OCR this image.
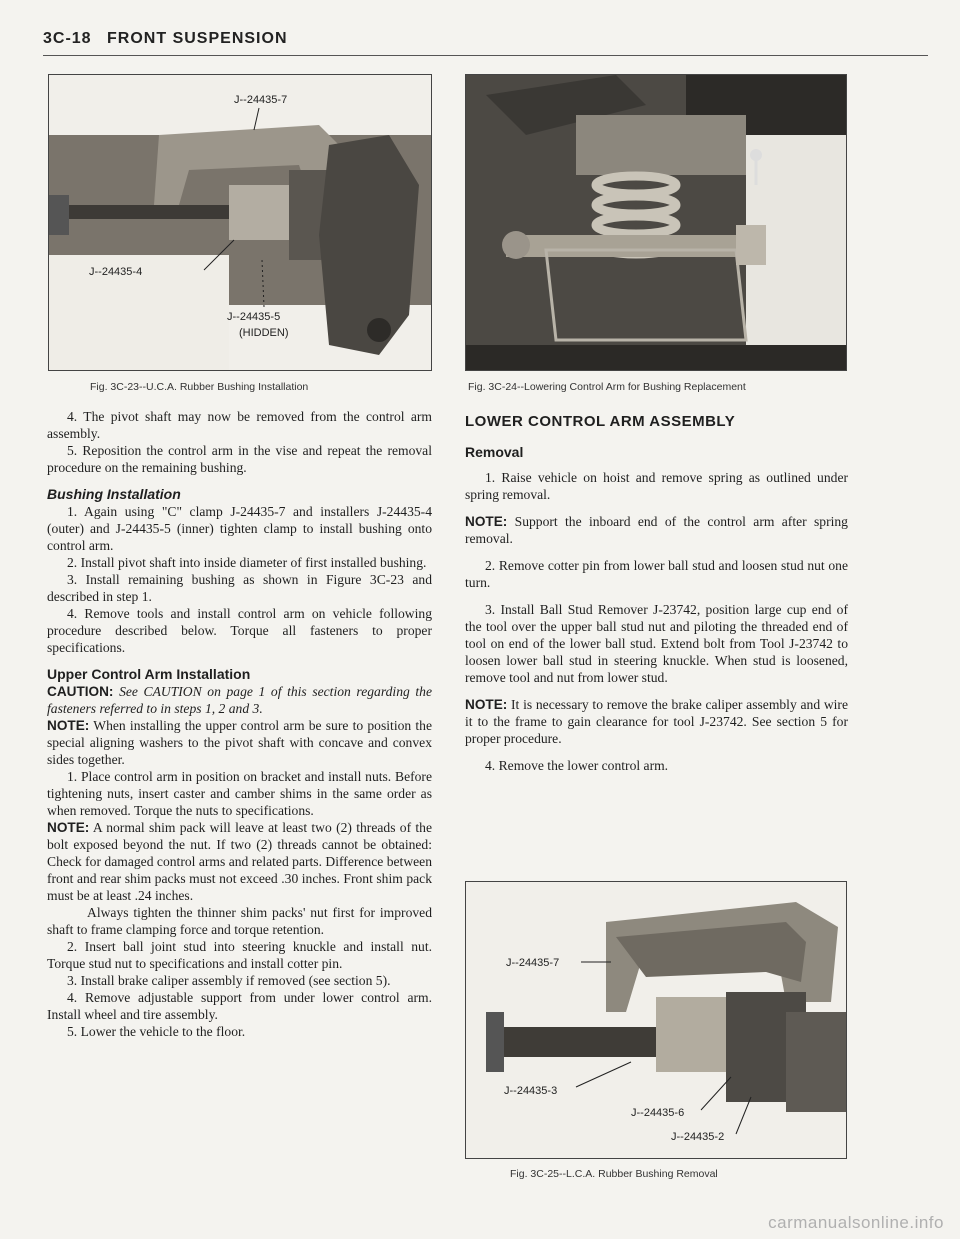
3C-18 FRONT SUSPENSION
J--24435-7
J--24435-4
J--24435-5
(HIDDEN)
Fig. 3C-23--U.C.A. Rubber Bushing Installation	Fig. 3C-24--Lowering Control Arm for Bushing Replacement
J--24435-7
J--24435-3
J--24435-6
J--24435-2
Fig. 3C-25--L.C.A. Rubber Bushing Removal

4. The pivot shaft may now be removed from the control arm assembly.

5. Reposition the control arm in the vise and repeat the removal procedure on the remaining bushing.

Bushing Installation

1. Again using "C" clamp J-24435-7 and installers J-24435-4 (outer) and J-24435-5 (inner) tighten clamp to install bushing onto control arm.

2. Install pivot shaft into inside diameter of first installed bushing.

3. Install remaining bushing as shown in Figure 3C-23 and described in step 1.

4. Remove tools and install control arm on vehicle following procedure described below. Torque all fasteners to proper specifications.

Upper Control Arm Installation

CAUTION: See CAUTION on page 1 of this section regarding the fasteners referred to in steps 1, 2 and 3.

NOTE: When installing the upper control arm be sure to position the special aligning washers to the pivot shaft with concave and convex sides together.

1. Place control arm in position on bracket and install nuts. Before tightening nuts, insert caster and camber shims in the same order as when removed. Torque the nuts to specifications.

NOTE: A normal shim pack will leave at least two (2) threads of the bolt exposed beyond the nut. If two (2) threads cannot be obtained: Check for damaged control arms and related parts. Difference between front and rear shim packs must not exceed .30 inches. Front shim pack must be at least .24 inches.

Always tighten the thinner shim packs' nut first for improved shaft to frame clamping force and torque retention.

2. Insert ball joint stud into steering knuckle and install nut. Torque stud nut to specifications and install cotter pin.

3. Install brake caliper assembly if removed (see section 5).

4. Remove adjustable support from under lower control arm. Install wheel and tire assembly.

5. Lower the vehicle to the floor.

LOWER CONTROL ARM ASSEMBLY

Removal

1. Raise vehicle on hoist and remove spring as outlined under spring removal.

NOTE: Support the inboard end of the control arm after spring removal.

2. Remove cotter pin from lower ball stud and loosen stud nut one turn.

3. Install Ball Stud Remover J-23742, position large cup end of the tool over the upper ball stud nut and piloting the threaded end of tool on end of the lower ball stud. Extend bolt from Tool J-23742 to loosen lower ball stud in steering knuckle. When stud is loosened, remove tool and nut from lower stud.

NOTE: It is necessary to remove the brake caliper assembly and wire it to the frame to gain clearance for tool J-23742. See section 5 for proper procedure.

4. Remove the lower control arm.

carmanualsonline.info
